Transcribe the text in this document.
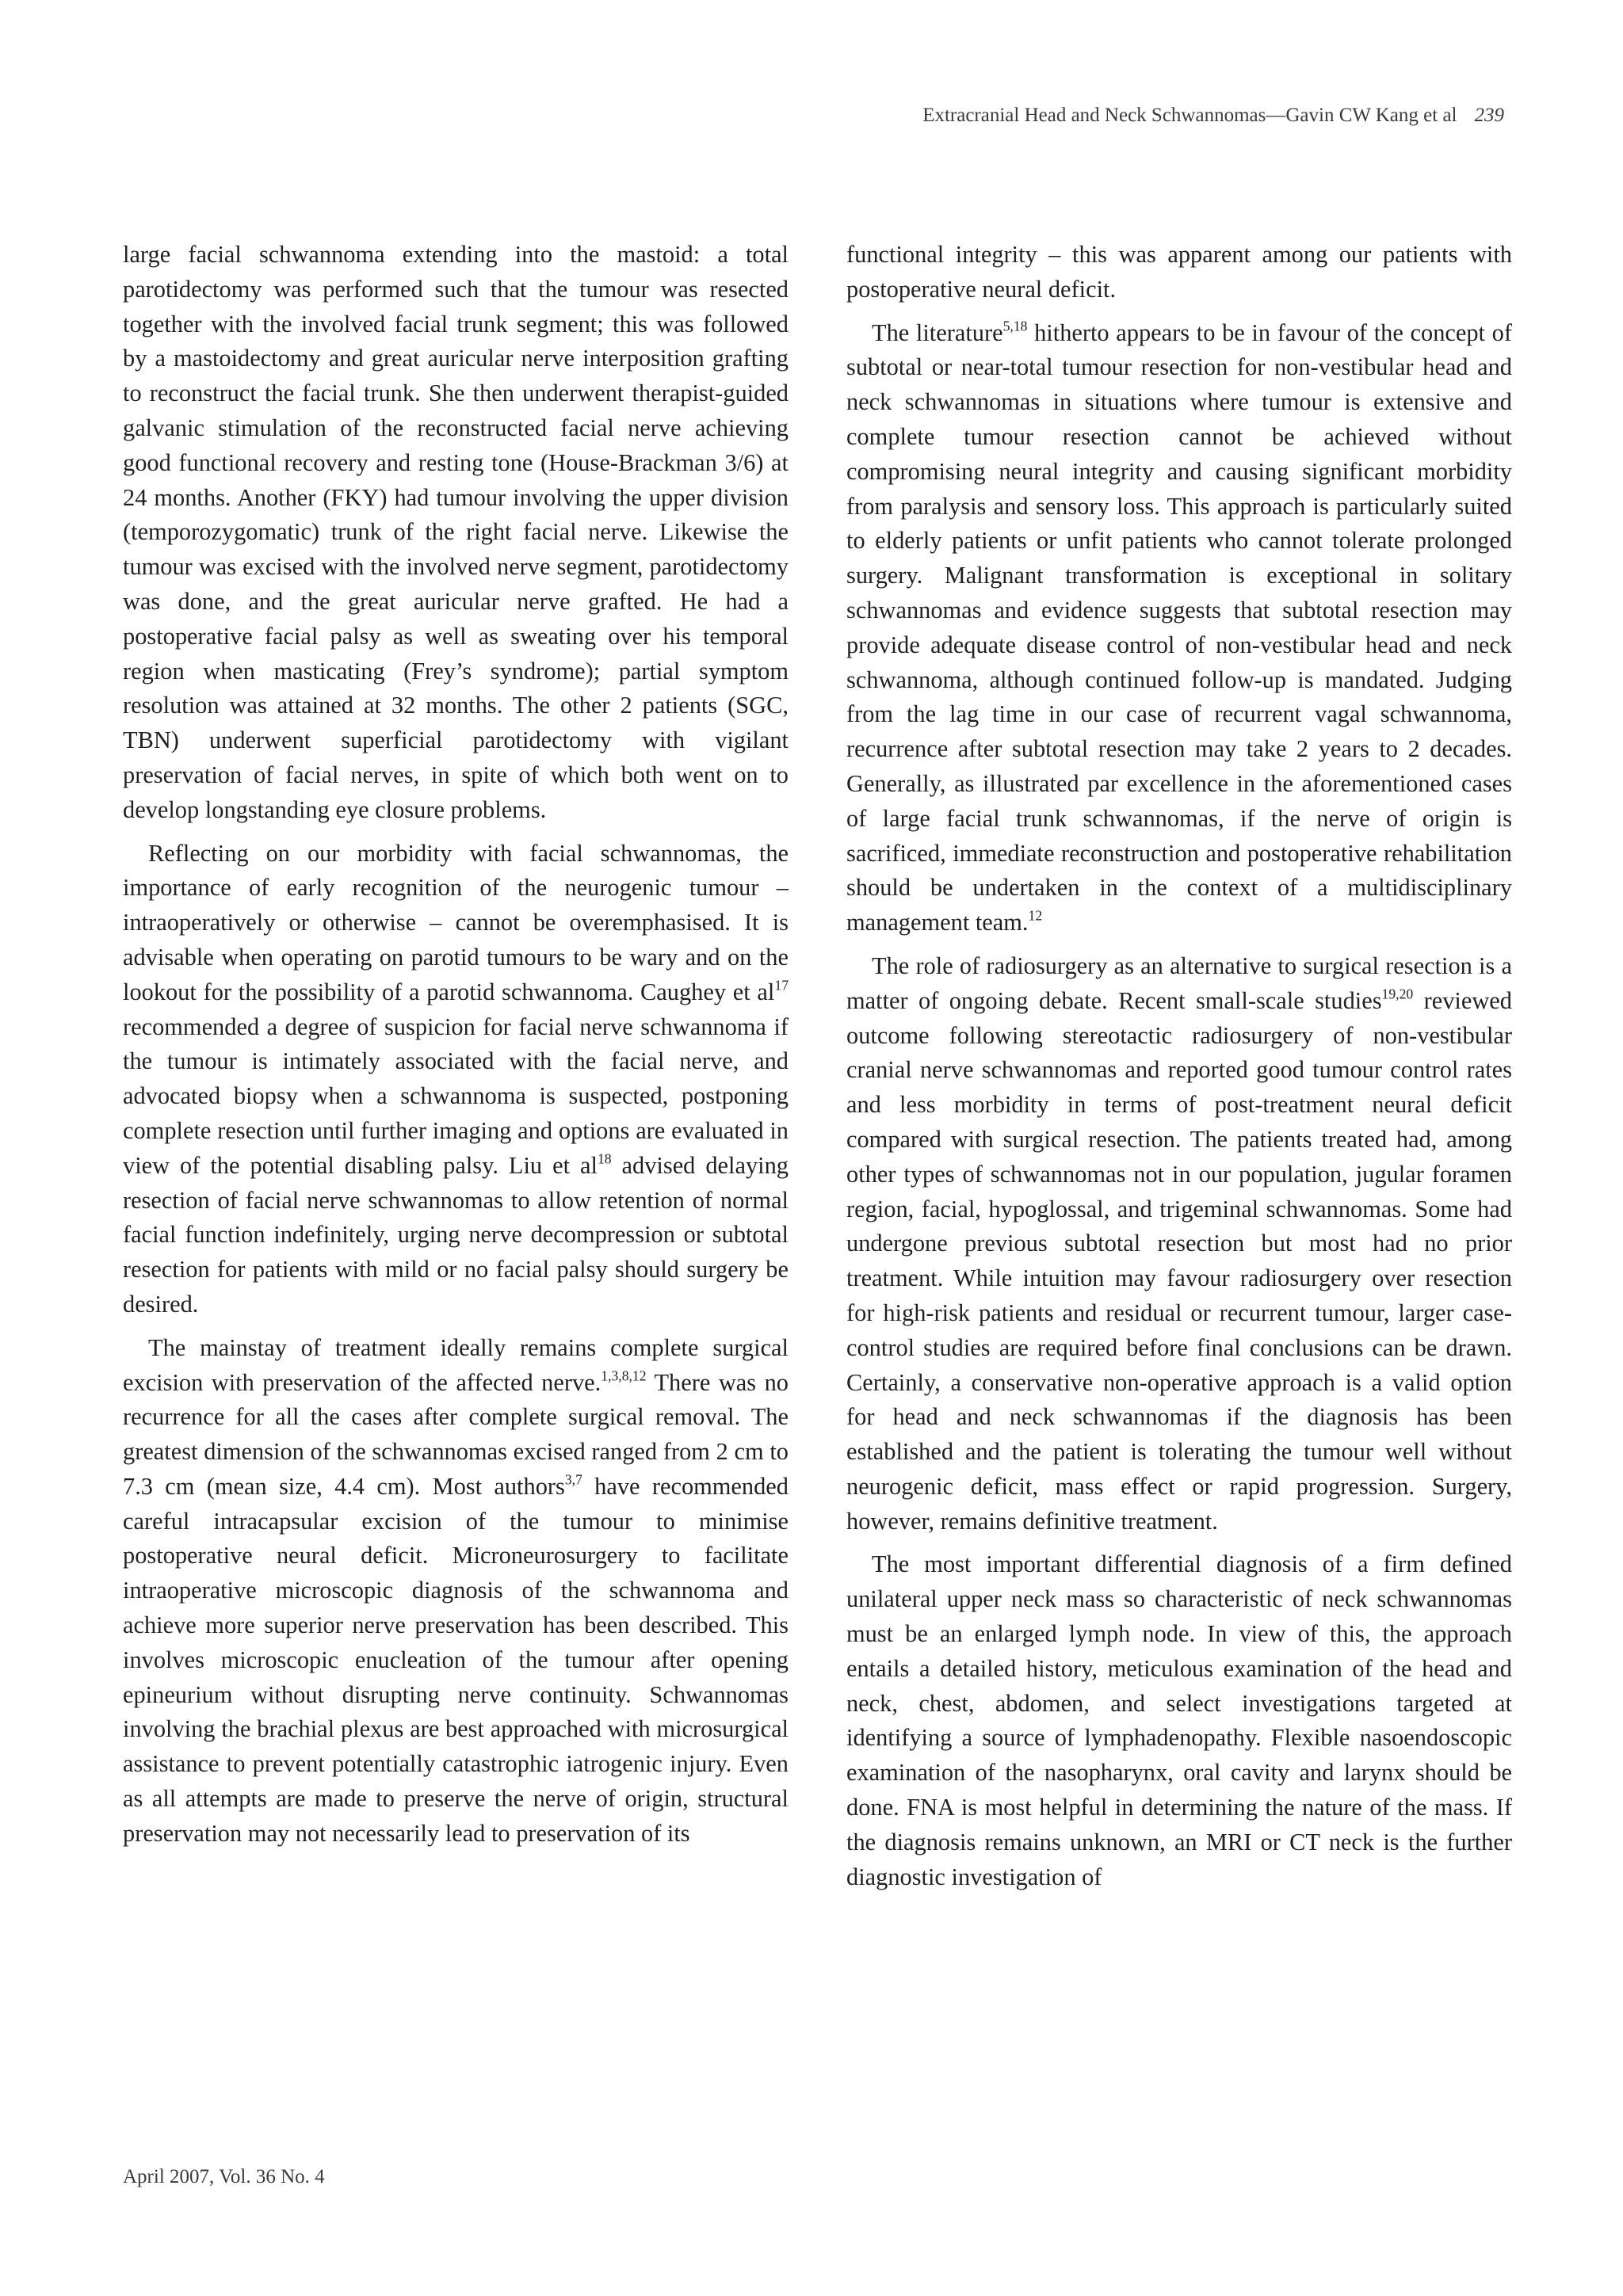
Extracranial Head and Neck Schwannomas—Gavin CW Kang et al 239

large facial schwannoma extending into the mastoid: a total parotidectomy was performed such that the tumour was resected together with the involved facial trunk segment; this was followed by a mastoidectomy and great auricular nerve interposition grafting to reconstruct the facial trunk. She then underwent therapist-guided galvanic stimulation of the reconstructed facial nerve achieving good functional recovery and resting tone (House-Brackman 3/6) at 24 months. Another (FKY) had tumour involving the upper division (temporozygomatic) trunk of the right facial nerve. Likewise the tumour was excised with the involved nerve segment, parotidectomy was done, and the great auricular nerve grafted. He had a postoperative facial palsy as well as sweating over his temporal region when masticating (Frey’s syndrome); partial symptom resolution was attained at 32 months. The other 2 patients (SGC, TBN) underwent superficial parotidectomy with vigilant preservation of facial nerves, in spite of which both went on to develop longstanding eye closure problems.

Reflecting on our morbidity with facial schwannomas, the importance of early recognition of the neurogenic tumour – intraoperatively or otherwise – cannot be overemphasised. It is advisable when operating on parotid tumours to be wary and on the lookout for the possibility of a parotid schwannoma. Caughey et $al^{17}$ recommended a degree of suspicion for facial nerve schwannoma if the tumour is intimately associated with the facial nerve, and advocated biopsy when a schwannoma is suspected, postponing complete resection until further imaging and options are evaluated in view of the potential disabling palsy. Liu et $al^{18}$ advised delaying resection of facial nerve schwannomas to allow retention of normal facial function indefinitely, urging nerve decompression or subtotal resection for patients with mild or no facial palsy should surgery be desired.

The mainstay of treatment ideally remains complete surgical excision with preservation of the affected nerve.$^{1,3,8,12}$ There was no recurrence for all the cases after complete surgical removal. The greatest dimension of the schwannomas excised ranged from 2 cm to 7.3 cm (mean size, 4.4 cm). Most authors$^{3,7}$ have recommended careful intracapsular excision of the tumour to minimise postoperative neural deficit. Microneurosurgery to facilitate intraoperative microscopic diagnosis of the schwannoma and achieve more superior nerve preservation has been described. This involves microscopic enucleation of the tumour after opening epineurium without disrupting nerve continuity. Schwannomas involving the brachial plexus are best approached with microsurgical assistance to prevent potentially catastrophic iatrogenic injury. Even as all attempts are made to preserve the nerve of origin, structural preservation may not necessarily lead to preservation of its

functional integrity – this was apparent among our patients with postoperative neural deficit.

The literature$^{5,18}$ hitherto appears to be in favour of the concept of subtotal or near-total tumour resection for non-vestibular head and neck schwannomas in situations where tumour is extensive and complete tumour resection cannot be achieved without compromising neural integrity and causing significant morbidity from paralysis and sensory loss. This approach is particularly suited to elderly patients or unfit patients who cannot tolerate prolonged surgery. Malignant transformation is exceptional in solitary schwannomas and evidence suggests that subtotal resection may provide adequate disease control of non-vestibular head and neck schwannoma, although continued follow-up is mandated. Judging from the lag time in our case of recurrent vagal schwannoma, recurrence after subtotal resection may take 2 years to 2 decades. Generally, as illustrated par excellence in the aforementioned cases of large facial trunk schwannomas, if the nerve of origin is sacrificed, immediate reconstruction and postoperative rehabilitation should be undertaken in the context of a multidisciplinary management team.$^{12}$

The role of radiosurgery as an alternative to surgical resection is a matter of ongoing debate. Recent small-scale studies$^{19,20}$ reviewed outcome following stereotactic radiosurgery of non-vestibular cranial nerve schwannomas and reported good tumour control rates and less morbidity in terms of post-treatment neural deficit compared with surgical resection. The patients treated had, among other types of schwannomas not in our population, jugular foramen region, facial, hypoglossal, and trigeminal schwannomas. Some had undergone previous subtotal resection but most had no prior treatment. While intuition may favour radiosurgery over resection for high-risk patients and residual or recurrent tumour, larger case-control studies are required before final conclusions can be drawn. Certainly, a conservative non-operative approach is a valid option for head and neck schwannomas if the diagnosis has been established and the patient is tolerating the tumour well without neurogenic deficit, mass effect or rapid progression. Surgery, however, remains definitive treatment.

The most important differential diagnosis of a firm defined unilateral upper neck mass so characteristic of neck schwannomas must be an enlarged lymph node. In view of this, the approach entails a detailed history, meticulous examination of the head and neck, chest, abdomen, and select investigations targeted at identifying a source of lymphadenopathy. Flexible nasoendoscopic examination of the nasopharynx, oral cavity and larynx should be done. FNA is most helpful in determining the nature of the mass. If the diagnosis remains unknown, an MRI or CT neck is the further diagnostic investigation of

April 2007, Vol. 36 No. 4
